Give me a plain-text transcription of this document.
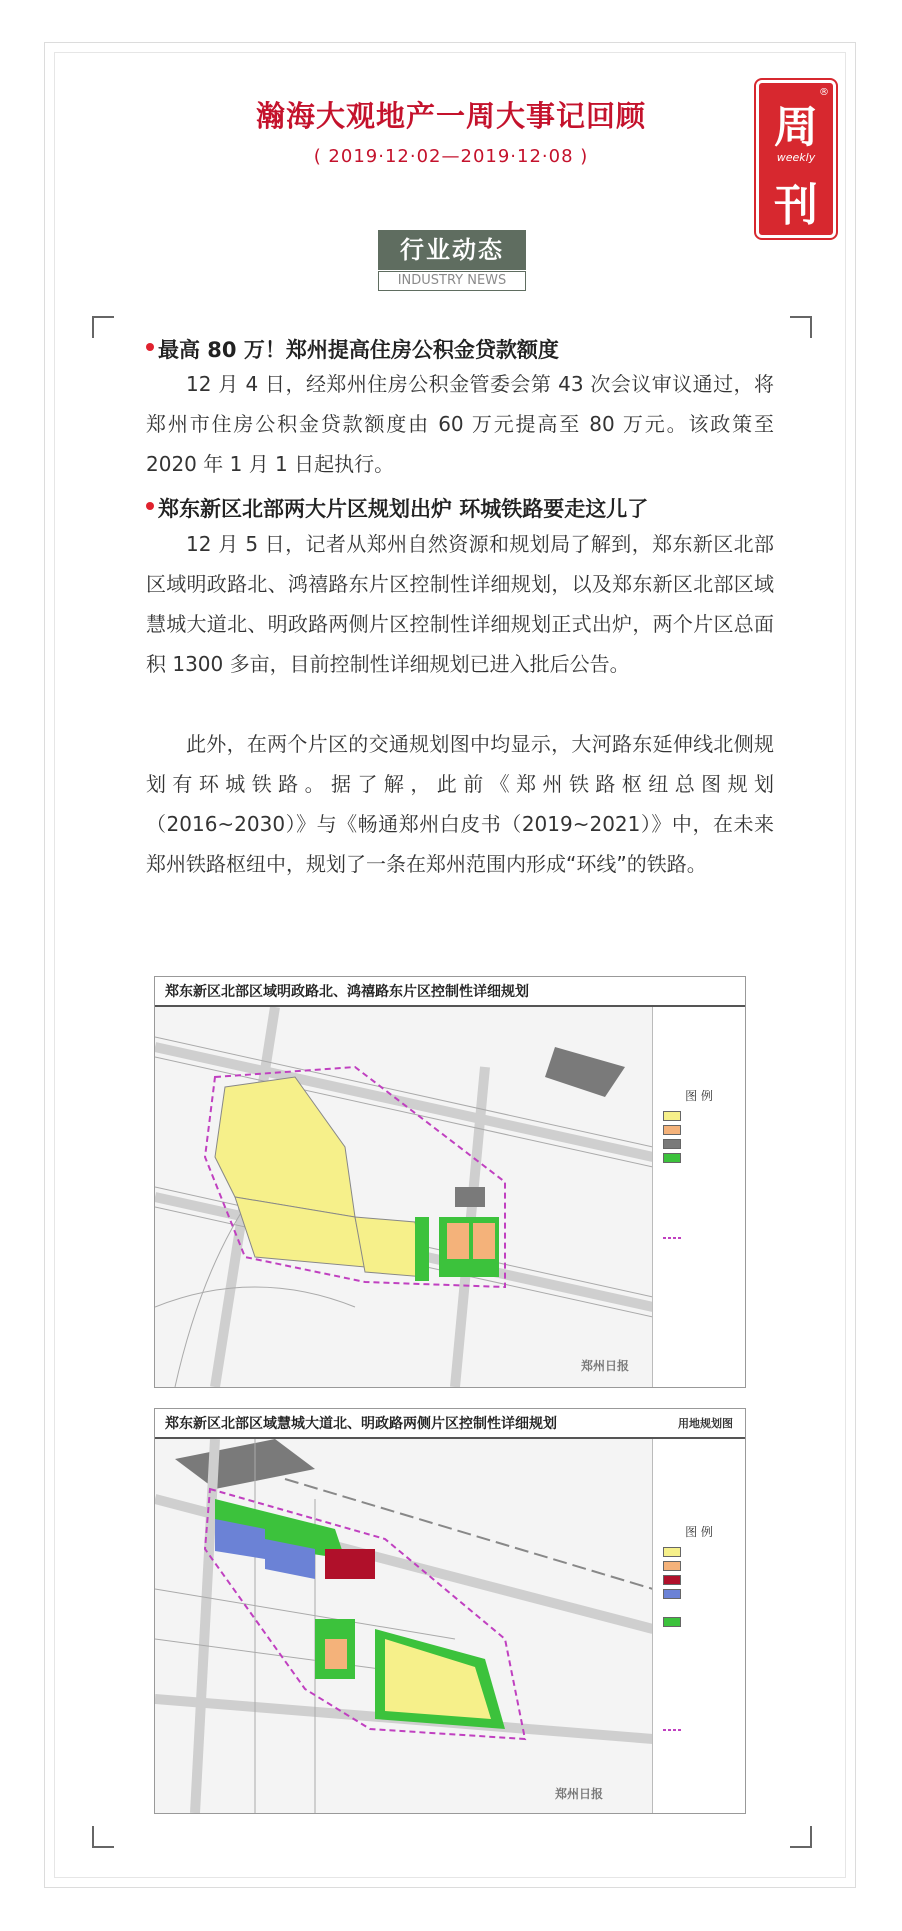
瀚海大观地产一周大事记回顾
( 2019·12·02—2019·12·08 )
®
周
weekly
刊
行业动态
INDUSTRY NEWS
最高 80 万！郑州提高住房公积金贷款额度
12 月 4 日，经郑州住房公积金管委会第 43 次会议审议通过，将郑州市住房公积金贷款额度由 60 万元提高至 80 万元。该政策至 2020 年 1 月 1 日起执行。
郑东新区北部两大片区规划出炉 环城铁路要走这儿了
12 月 5 日，记者从郑州自然资源和规划局了解到，郑东新区北部区域明政路北、鸿禧路东片区控制性详细规划，以及郑东新区北部区域慧城大道北、明政路两侧片区控制性详细规划正式出炉，两个片区总面积 1300 多亩，目前控制性详细规划已进入批后公告。
此外，在两个片区的交通规划图中均显示，大河路东延伸线北侧规划有环城铁路。据了解，此前《郑州铁路枢纽总图规划（2016~2030）》与《畅通郑州白皮书（2019~2021）》中，在未来郑州铁路枢纽中，规划了一条在郑州范围内形成“环线”的铁路。
郑东新区北部区域明政路北、鸿禧路东片区控制性详细规划
图 例
郑州日报
郑东新区北部区域慧城大道北、明政路两侧片区控制性详细规划	用地规划图
图 例
郑州日报
